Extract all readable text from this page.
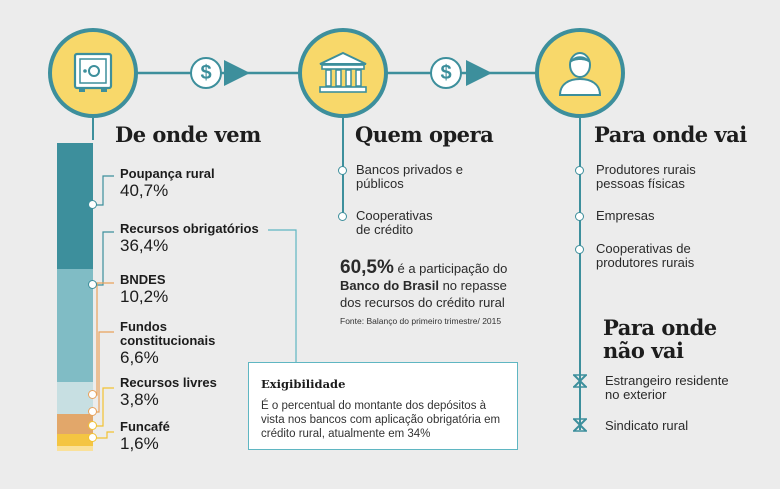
$	$
De onde vem	Quem opera	Para onde vai
Para onde
não vai
Poupança rural
40,7%
Recursos obrigatórios
36,4%
BNDES
10,2%
Fundos
constitucionais
6,6%
Recursos livres
3,8%
Funcafé
1,6%
Bancos privados e
públicos
Cooperativas
de crédito
60,5% é a participação do
Banco do Brasil no repasse
dos recursos do crédito rural
Fonte: Balanço do primeiro trimestre/ 2015
Produtores rurais
pessoas físicas
Empresas
Cooperativas de
produtores rurais
Estrangeiro residente
no exterior
Sindicato rural
Exigibilidade
É o percentual do montante dos depósitos à vista nos bancos com aplicação obrigatória em crédito rural, atualmente em 34%
